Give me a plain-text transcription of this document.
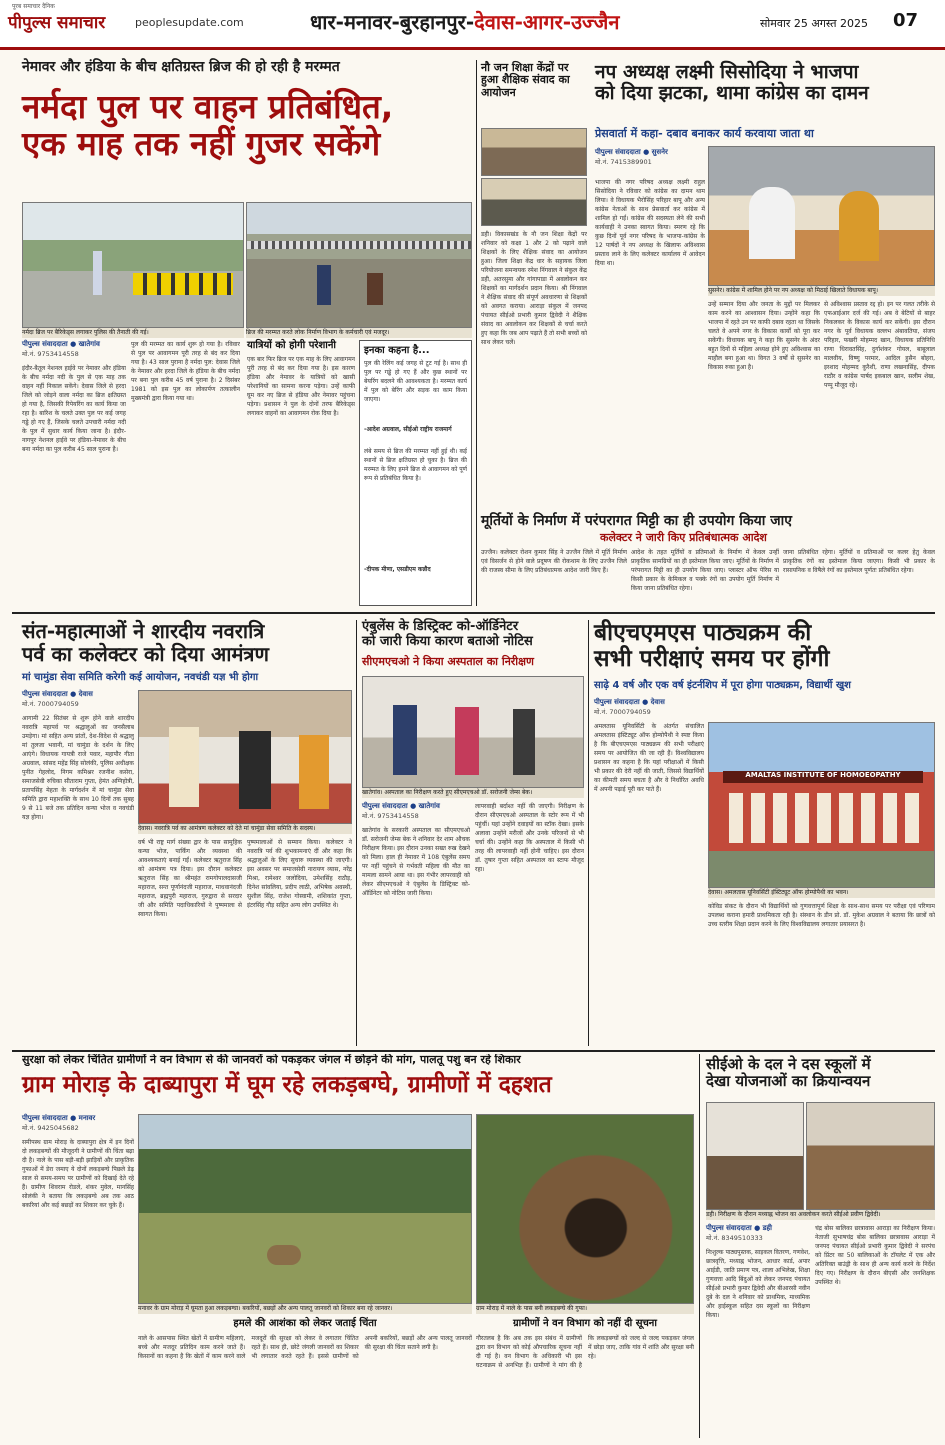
पूरब समाचार दैनिक
पीपुल्स समाचार	peoplesupdate.com	धार-मनावर-बुरहानपुर-देवास-आगर-उज्जैन	सोमवार 25 अगस्त 2025 07
नेमावर और हंडिया के बीच क्षतिग्रस्त ब्रिज की हो रही है मरम्मत
नर्मदा पुल पर वाहन प्रतिबंधित,
एक माह तक नहीं गुजर सकेंगे
नर्मदा ब्रिज पर बैरिकेड्स लगाकर पुलिस की तैनाती की गई।	ब्रिज की मरम्मत करते लोक निर्माण विभाग के कर्मचारी एवं मजदूर।
पीपुल्स संवाददाता ● खातेगांव
मो.नं. 9753414558
इंदौर-बैतूल नेशनल हाईवे पर नेमावर और हंडिया के बीच नर्मदा नदी के पुल से एक माह तक वाहन नहीं निकाल सकेंगे। देवास जिले से हरदा जिले को जोड़ने वाला नर्मदा का ब्रिज क्षतिग्रस्त हो गया है, जिसकी रिपेयरिंग का कार्य किया जा रहा है। बारिश के चलते उक्त पुल पर कई जगह गड्ढे हो गए हैं, जिसके चलते उपचारी नर्मदा नदी के पुल में सुधार कार्य किया जाना है। इंदौर-नागपुर नेशनल हाईवे पर हंडिया-नेमावर के बीच बना नर्मदा का पुल करीब 45 साल पुराना है।
पुल की मरम्मत का कार्य शुरू हो गया है। रविवार से पुल पर आवागमन पूरी तरह से बंद कर दिया गया है। 43 साल पुराना है नर्मदा पुल: देवास जिले के नेमावर और हरदा जिले के हंडिया के बीच नर्मदा पर बना पुल करीब 45 वर्ष पुराना है। 2 दिसंबर 1981 को इस पुल का लोकार्पण तत्कालीन मुख्यमंत्री द्वारा किया गया था।
यात्रियों को होगी परेशानी
एक बार फिर ब्रिज पर एक माह के लिए आवागमन पूरी तरह से बंद कर दिया गया है। इस कारण हंडिया और नेमावर के यात्रियों को खासी परेशानियों का सामना करना पड़ेगा। उन्हें काफी घूम कर नए ब्रिज से हंडिया और नेमावर पहुंचना पड़ेगा। प्रशासन ने पुल के दोनों तरफ बैरिकेड्स लगाकर वाहनों का आवागमन रोक दिया है।
इनका कहना है...
पुल की रेलिंग कई जगह से टूट गई है। साथ ही पुल पर गड्ढे हो गए हैं और कुछ स्थानों पर बेयरिंग बदलने की आवश्यकता है। मरम्मत कार्य में पुल को बेरिंग और सड़क का काम किया जाएगा।
-आदेश अग्रवाल, सीईओ राष्ट्रीय राजमार्ग
लंबे समय से ब्रिज की मरम्मत नहीं हुई थी। कई स्थानों से ब्रिज क्षतिग्रस्त हो चुका है। ब्रिज की मरम्मत के लिए हमने ब्रिज से आवागमन को पूर्ण रूप से प्रतिबंधित किया है।
-दीपक मीणा, एसडीएम कन्नौद
नौ जन शिक्षा केंद्रों पर हुआ शैक्षिक संवाद का आयोजन
डही। विकासखंड के नौ जन शिक्षा केंद्रों पर शनिवार को कक्षा 1 और 2 को पढ़ाने वाले शिक्षकों के लिए शैक्षिक संवाद का आयोजन हुआ। जिला शिक्षा केंद्र धार के सहायक जिला परियोजना समन्वयक रमेश निंगवाल ने संकुल केंद्र डही, अतरसुमा और गांगापाडा में अवलोकन कर शिक्षकों का मार्गदर्शन प्रदान किया। श्री निंगवाल ने शैक्षिक संवाद की संपूर्ण अवधारणा से शिक्षकों को अवगत कराया। आराड़ा संकुल में जनपद पंचायत सीईओ प्रभारी कुमार द्विवेदी ने शैक्षिक संवाद का अवलोकन कर शिक्षकों से चर्चा करते हुए कहा कि जब आप पढ़ाते हैं तो सभी बच्चों को साथ लेकर चलें।
नप अध्यक्ष लक्ष्मी सिसोदिया ने भाजपा
को दिया झटका, थामा कांग्रेस का दामन
प्रेसवार्ता में कहा- दबाव बनाकर कार्य करवाया जाता था
पीपुल्स संवाददाता ● सुसनेर
मो.नं. 7415389901
सुसनेर। कांग्रेस में शामिल होने पर नप अध्यक्ष को मिठाई खिलाते विधायक बापू।
भाजपा की नगर परिषद अध्यक्ष लक्ष्मी राहुल सिसोदिया ने रविवार को कांग्रेस का दामन थाम लिया। वे विधायक भैरोसिंह परिहार बापू और अन्य कांग्रेस नेताओं के साथ प्रेसवार्ता कर कांग्रेस में शामिल हो गईं। कांग्रेस की सदस्यता लेने की सभी कार्यवाही ने उनका स्वागत किया। स्मरण रहे कि कुछ दिनों पूर्व नगर परिषद के भाजपा-कांग्रेस के 12 पार्षदों ने नप अध्यक्ष के खिलाफ अविश्वास प्रस्ताव लाने के लिए कलेक्टर कार्यालय में आवेदन दिया था।
उन्हें सम्मान दिया और जनता के मुद्दों पर मिलकर काम करने का आश्वासन दिया। उन्होंने कहा कि भाजपा में रहते उन पर काफी दबाव रहता था जिसके चलते वे अपने नगर के विकास कार्यों को पूरा कर सकेंगी। विधायक बापू ने कहा कि सुसनेर के अंदर बहुत दिनों से महिला अध्यक्ष होने हुए अविश्वास का माहौल बना हुआ था। विगत 3 वर्षों से सुसनेर का विकास रुका हुआ है।
से अविश्वास प्रस्ताव रद्द हो। इन पर गलत तरीके से एफआईआर दर्ज की गई। अब वे बेटियों से बाहर निकलकर के विकास कार्य कर सकेंगी। इस दौरान नगर के पूर्व विधायक वल्लभ अंबावतिया, संजय परिहार, फखरी मोहम्मद खान, विधायक प्रतिनिधि राणा धिरावतसिंह, दुर्गाशंकर गोयल, बाबूलाल मालवीय, विष्णु परमार, आदिल हुसैन बोहरा, इरशाद मोहम्मद कुरैशी, राणा लखनासिंह, दीपक राठौर व कांग्रेस पार्षद इकबाल खान, सलीम शेख, पप्पू मौजूद रहे।
मूर्तियों के निर्माण में परंपरागत मिट्टी का ही उपयोग किया जाए
कलेक्टर ने जारी किए प्रतिबंधात्मक आदेश
उज्जैन। कलेक्टर रोशन कुमार सिंह ने उज्जैन जिले में मूर्ति निर्माण एवं विसर्जन से होने वाले प्रदूषण की रोकथाम के लिए उज्जैन जिले की राजस्व सीमा के लिए प्रतिबंधात्मक आदेश जारी किए हैं।
आदेश के तहत मूर्तियों व प्रतिमाओं के निर्माण में केवल उन्हीं प्राकृतिक सामग्रियों का ही इस्तेमाल किया जाए। मूर्तियों के निर्माण में परंपरागत मिट्टी का ही उपयोग किया जाए। प्लास्टर ऑफ पेरिस या किसी प्रकार के केमिकल व पक्के रंगों का उपयोग मूर्ति निर्माण में किया जाना प्रतिबंधित रहेगा।
जाना प्रतिबंधित रहेगा। मूर्तियों व प्रतिमाओं पर कलर हेतु केवल प्राकृतिक रंगों का इस्तेमाल किया जाएगा। किसी भी प्रकार के रासायनिक व विषैले रंगों का इस्तेमाल पूर्णतः प्रतिबंधित रहेगा।
संत-महात्माओं ने शारदीय नवरात्रि
पर्व का कलेक्टर को दिया आमंत्रण
मां चामुंडा सेवा समिति करेगी कई आयोजन, नवचंडी यज्ञ भी होगा
पीपुल्स संवाददाता ● देवास
मो.नं. 7000794059
आगामी 22 सितंबर से शुरू होने वाले शारदीय नवरात्रि महापर्व पर श्रद्धालुओं का जनसैलाब उमड़ेगा। मां सहित अन्य प्रांतों, देश-विदेश से श्रद्धालु मां तुलजा भवानी, मां चामुंडा के दर्शन के लिए आएंगे। विधायक गायत्री राजे पवार, महापौर गीता अग्रवाल, सांसद महेंद्र सिंह सोलंकी, पुलिस अधीक्षक पुनीत गेहलोद, निगम कमिश्नर रजनीश कसेरा, समाजसेवी रुचिका सीताराम गुप्ता, हेमंत अग्निहोत्री, प्रतापसिंह मेहता के मार्गदर्शन में मां चामुंडा सेवा समिति द्वारा महाशक्ति के साथ 10 दिनों तक सुबह 9 से 11 बजे तक प्रतिदिन कन्या भोज व नवचंडी यज्ञ होगा।
देवास। नवरात्रि पर्व का आमंत्रण कलेक्टर को देते मां चामुंडा सेवा समिति के सदस्य।
वर्ष भी राष्ट्र मार्ग संख्या द्वार के पास सामूहिक कन्या भोज, पार्किंग और व्यवस्था की आवश्यकताएं बनाई गईं। कलेक्टर ऋतुराज सिंह को आमंत्रण पत्र दिया। इस दौरान कलेक्टर ऋतुराज सिंह का श्रीमहंत रामगोपालदासजी महाराज, सन्त पूर्णानंदजी महाराज, माधवानंदजी महाराज, ब्रह्मपुरी महाराज, गुरुद्वारा से सरदार जी और समिति पदाधिकारियों ने पुष्पमाला से स्वागत किया।
पुष्पमालाओं से सम्मान किया। कलेक्टर ने नवरात्रि पर्व की शुभकामनाएं दीं और कहा कि श्रद्धालुओं के लिए सुचारु व्यवस्था की जाएगी। इस अवसर पर समाजसेवी नारायण व्यास, नरेंद्र मिश्रा, रामेश्वर जलोदिया, उमेशसिंह राठौड़, दिनेश सांवलिया, प्रदीप लाठी, अभिषेक अवस्थी, सुशील सिंह, राजेश गोस्वामी, शशिकांत गुप्ता, इंटरसिंह गौड़ सहित अन्य लोग उपस्थित थे।
एंबुलेंस के डिस्ट्रिक्ट को-ऑर्डिनेटर
को जारी किया कारण बताओ नोटिस
सीएमएचओ ने किया अस्पताल का निरीक्षण
खातेगांव। अस्पताल का निरीक्षण करते हुए सीएमएचओ डॉ. सरोजनी जेम्स बेक।
पीपुल्स संवाददाता ● खातेगांव
मो.नं. 9753414558
खातेगांव के सरकारी अस्पताल का सीएमएचओ डॉ. सरोजनी जेम्स बेक ने शनिवार देर शाम औचक निरीक्षण किया। इस दौरान उनका सख्त रुख देखने को मिला। हाल ही नेमावर में 108 एंबुलेंस समय पर नहीं पहुंचने से गर्भवती महिला की मौत का मामला सामने आया था। इस गंभीर लापरवाही को लेकर सीएमएचओ ने एंबुलेंस के डिस्ट्रिक्ट को-ऑर्डिनेटर को नोटिस जारी किया।
लापरवाही बर्दाश्त नहीं की जाएगी। निरीक्षण के दौरान सीएमएचओ अस्पताल के स्टोर रूम में भी पहुंचीं। यहां उन्होंने दवाइयों का स्टॉक देखा। इसके अलावा उन्होंने मरीजों और उनके परिजनों से भी चर्चा की। उन्होंने कहा कि अस्पताल में किसी भी तरह की लापरवाही नहीं होनी चाहिए। इस दौरान डॉ. तुषार गुप्ता सहित अस्पताल का स्टाफ मौजूद रहा।
बीएचएमएस पाठ्यक्रम की
सभी परीक्षाएं समय पर होंगी
साढ़े 4 वर्ष और एक वर्ष इंटर्नशिप में पूरा होगा पाठ्यक्रम, विद्यार्थी खुश
पीपुल्स संवाददाता ● देवास
मो.नं. 7000794059
AMALTAS INSTITUTE OF HOMOEOPATHY
देवास। अमलतास यूनिवर्सिटी इंस्टिट्यूट ऑफ होम्योपैथी का भवन।
अमलतास यूनिवर्सिटी के अंतर्गत संचालित अमलतास इंस्टिट्यूट ऑफ होम्योपैथी ने स्पष्ट किया है कि बीएचएमएस पाठ्यक्रम की सभी परीक्षाएं समय पर आयोजित की जा रही हैं। विश्वविद्यालय प्रशासन का कहना है कि यहां परीक्षाओं में किसी भी प्रकार की देरी नहीं की जाती, जिससे विद्यार्थियों का कीमती समय बचता है और वे निर्धारित अवधि में अपनी पढ़ाई पूरी कर पाते हैं।
कोविड संकट के दौरान भी विद्यार्थियों को गुणवत्तापूर्ण शिक्षा के साथ-साथ समय पर परीक्षा एवं परिणाम उपलब्ध कराना हमारी प्राथमिकता रही है। संस्थान के डीन प्रो. डॉ. मुकेश अग्रवाल ने बताया कि छात्रों को उच्च स्तरीय शिक्षा प्रदान करने के लिए विश्वविद्यालय लगातार प्रयासरत है।
सुरक्षा को लेकर चिंतित ग्रामीणों ने वन विभाग से की जानवरों को पकड़कर जंगल में छोड़ने की मांग, पालतू पशु बन रहे शिकार
ग्राम मोराड़ के दाब्यापुरा में घूम रहे लकड़बग्घे, ग्रामीणों में दहशत
पीपुल्स संवाददाता ● मनावर
मो.नं. 9425045682
समीपस्थ ग्राम मोराड़ के दाब्यापुरा क्षेत्र में इन दिनों दो लकड़बग्घों की मौजूदगी ने ग्रामीणों की चिंता बढ़ा दी है। नाले के पास बड़ी-बड़ी झाड़ियों और प्राकृतिक गुफाओं में डेरा जमाए ये दोनों लकड़बग्घे पिछले डेढ़ साल से समय-समय पर ग्रामीणों को दिखाई देते रहे हैं। ग्रामीण शिवराम रोडले, शंकर मुवेल, मानसिंह सोलंकी ने बताया कि लकड़बग्घे अब तक आठ बकरियां और कई बछड़ों का शिकार कर चुके हैं।
मनावर के ग्राम मोराड़ में घूमता हुआ लकड़बग्घा। बकरियों, बछड़ों और अन्य पालतू जानवरों को शिकार बना रहे जानवर।	ग्राम मोराड़ में नाले के पास बनी लकड़बग्घे की गुफा।
हमले की आशंका को लेकर जताई चिंता
नाले के आसपास स्थित खेतों में ग्रामीण महिलाएं, बच्चे और मजदूर प्रतिदिन काम करने जाते हैं। किसानों का कहना है कि खेतों में काम करने वाले मजदूरों की सुरक्षा को लेकर वे लगातार चिंतित रहते हैं। साथ ही, छोटे जंगली जानवरों का शिकार भी लगातार करते रहते हैं। इससे ग्रामीणों को अपनी बकरियों, बछड़ों और अन्य पालतू जानवरों की सुरक्षा की चिंता सताने लगी है।
ग्रामीणों ने वन विभाग को नहीं दी सूचना
गौरतलब है कि अब तक इस संबंध में ग्रामीणों द्वारा वन विभाग को कोई औपचारिक सूचना नहीं दी गई है। वन विभाग के अधिकारी भी इस घटनाक्रम से अनभिज्ञ हैं। ग्रामीणों ने मांग की है कि लकड़बग्घों को जल्द से जल्द पकड़कर जंगल में छोड़ा जाए, ताकि गांव में शांति और सुरक्षा बनी रहे।
सीईओ के दल ने दस स्कूलों में
देखा योजनाओं का क्रियान्वयन
डही। निरीक्षण के दौरान मध्याह्न भोजन का अवलोकन करते सीईओ प्रवीण द्विवेदी।
पीपुल्स संवाददाता ● डही
मो.नं. 8349510333
निःशुल्क पाठ्यपुस्तक, साइकल वितरण, गणवेश, छात्रवृत्ति, मध्याह्न भोजन, आधार कार्ड, अपार आईडी, जाति प्रमाण पत्र, शाला अभिलेख, शिक्षा गुणवत्ता आदि बिंदुओं को लेकर जनपद पंचायत सीईओ प्रभारी कुमार द्विवेदी और बीआरसी नवीन दुबे के दल ने शनिवार को प्राथमिक, माध्यमिक और हाईस्कूल सहित दस स्कूलों का निरीक्षण किया।
चंद्र बोस बालिका छात्रावास आराड़ा का निरीक्षण किया। नेताजी सुभाषचंद्र बोस बालिका छात्रावास आराड़ा में जनपद पंचायत सीईओ प्रभारी कुमार द्विवेदी ने सरपंच को प्रिंटर का 50 बालिकाओं के टॉयलेट में एक और अतिरिक्त बाउंड्री के साथ ही अन्य कार्य करने के निर्देश दिए गए। निरीक्षण के दौरान बीएसी और जनशिक्षक उपस्थित थे।
